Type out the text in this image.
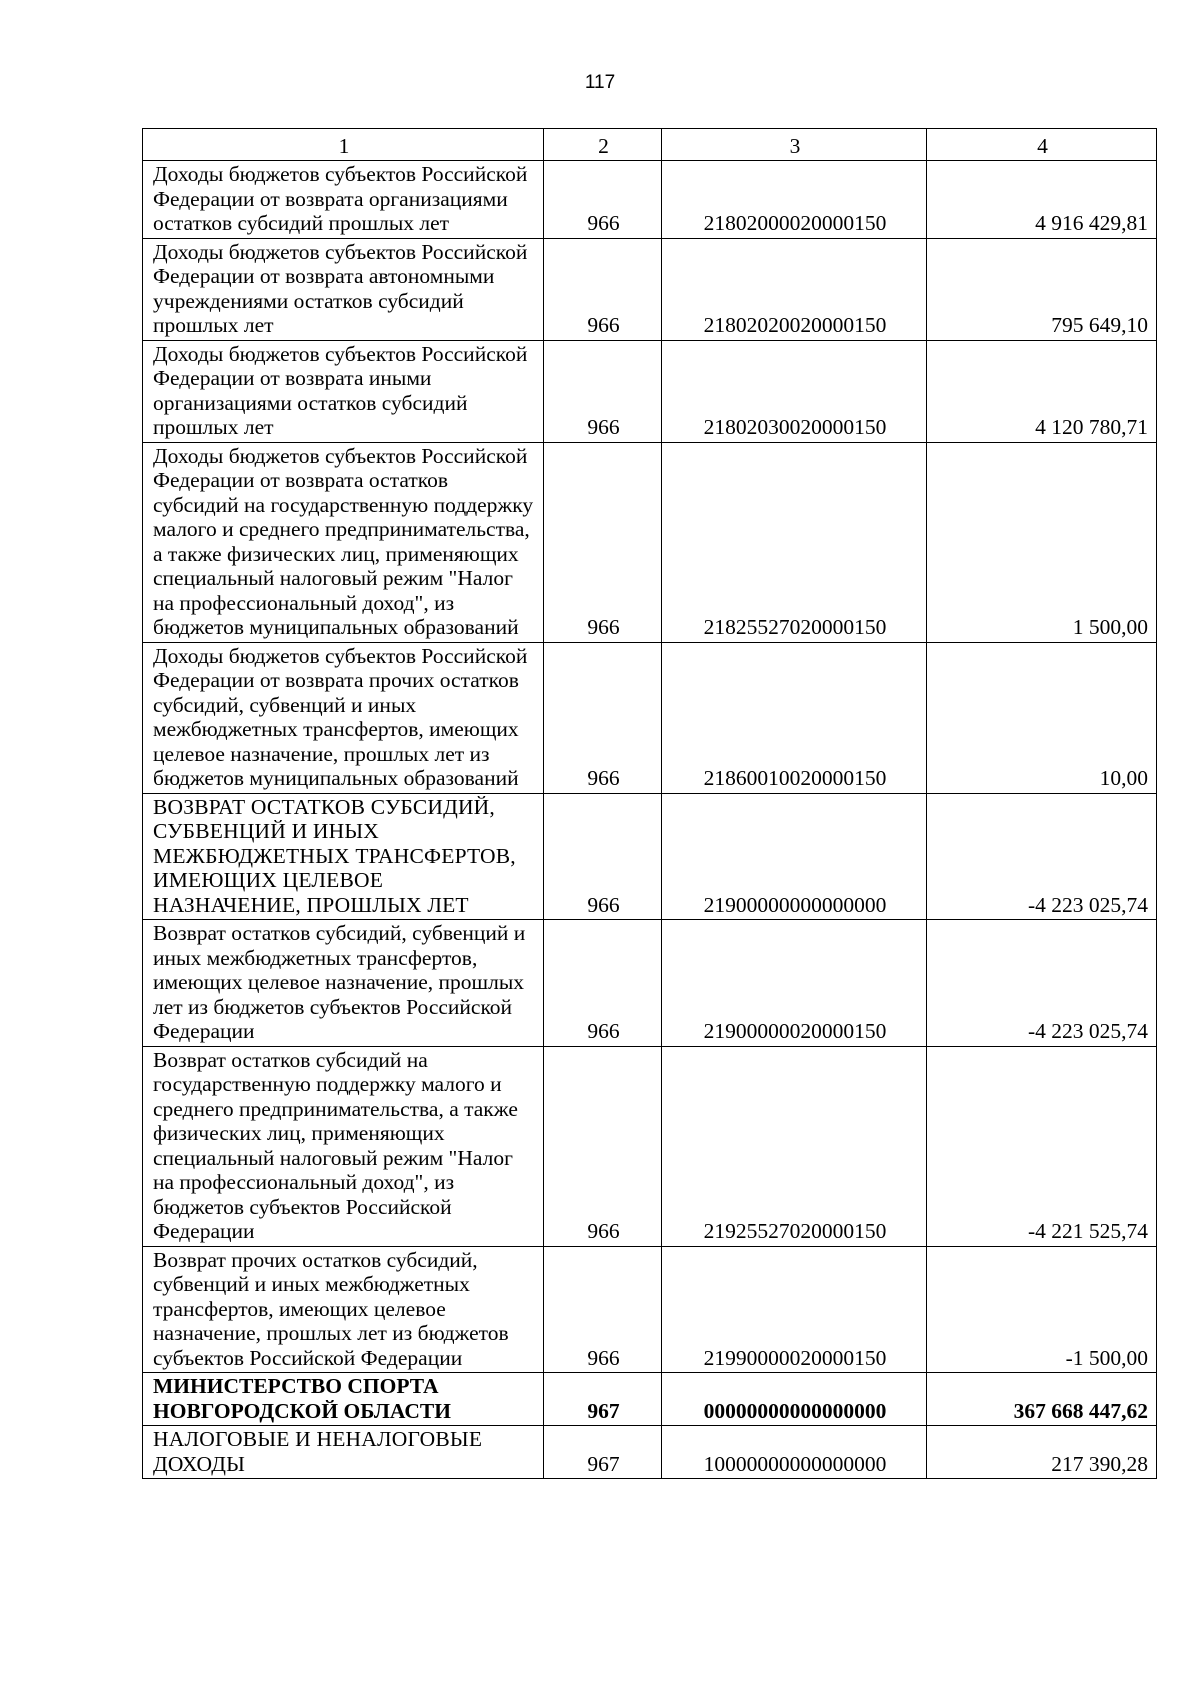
117
1	2	3	4
Доходы бюджетов субъектов Российской Федерации от возврата организациями остатков субсидий прошлых лет	966	21802000020000150	4 916 429,81
Доходы бюджетов субъектов Российской Федерации от возврата автономными учреждениями остатков субсидий прошлых лет	966	21802020020000150	795 649,10
Доходы бюджетов субъектов Российской Федерации от возврата иными организациями остатков субсидий прошлых лет	966	21802030020000150	4 120 780,71
Доходы бюджетов субъектов Российской Федерации от возврата остатков субсидий на государственную поддержку малого и среднего предпринимательства, а также физических лиц, применяющих специальный налоговый режим "Налог на профессиональный доход", из бюджетов муниципальных образований	966	21825527020000150	1 500,00
Доходы бюджетов субъектов Российской Федерации от возврата прочих остатков субсидий, субвенций и иных межбюджетных трансфертов, имеющих целевое назначение, прошлых лет из бюджетов муниципальных образований	966	21860010020000150	10,00
ВОЗВРАТ ОСТАТКОВ СУБСИДИЙ, СУБВЕНЦИЙ И ИНЫХ МЕЖБЮДЖЕТНЫХ ТРАНСФЕРТОВ, ИМЕЮЩИХ ЦЕЛЕВОЕ НАЗНАЧЕНИЕ, ПРОШЛЫХ ЛЕТ	966	21900000000000000	-4 223 025,74
Возврат остатков субсидий, субвенций и иных межбюджетных трансфертов, имеющих целевое назначение, прошлых лет из бюджетов субъектов Российской Федерации	966	21900000020000150	-4 223 025,74
Возврат остатков субсидий на государственную поддержку малого и среднего предпринимательства, а также физических лиц, применяющих специальный налоговый режим "Налог на профессиональный доход", из бюджетов субъектов Российской Федерации	966	21925527020000150	-4 221 525,74
Возврат прочих остатков субсидий, субвенций и иных межбюджетных трансфертов, имеющих целевое назначение, прошлых лет из бюджетов субъектов Российской Федерации	966	21990000020000150	-1 500,00
МИНИСТЕРСТВО СПОРТА НОВГОРОДСКОЙ ОБЛАСТИ	967	00000000000000000	367 668 447,62
НАЛОГОВЫЕ И НЕНАЛОГОВЫЕ ДОХОДЫ	967	10000000000000000	217 390,28
